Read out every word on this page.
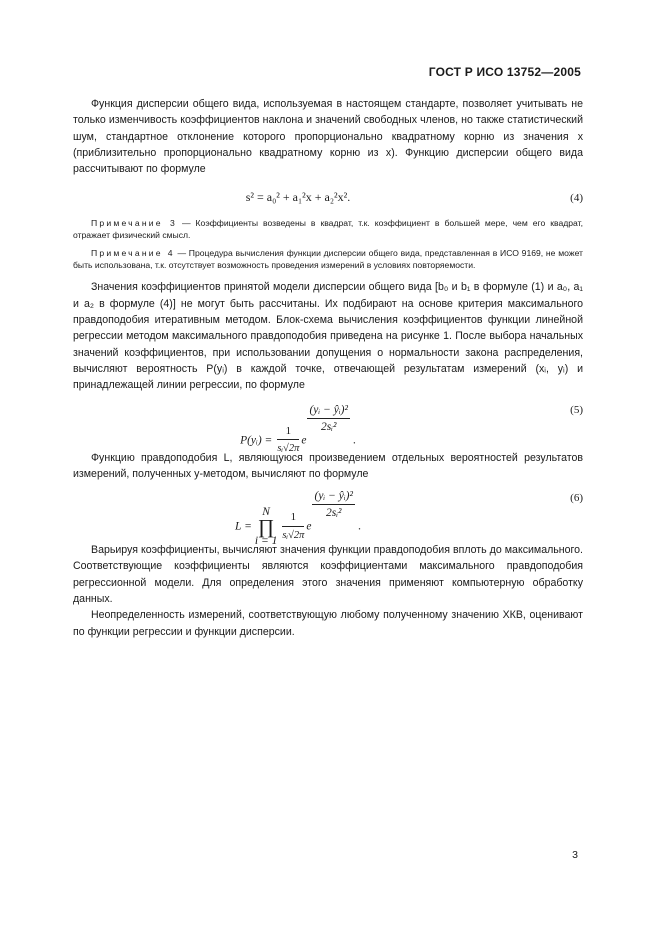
ГОСТ Р ИСО 13752—2005

Функция дисперсии общего вида, используемая в настоящем стандарте, позволяет учитывать не только изменчивость коэффициентов наклона и значений свободных членов, но также статистический шум, стандартное отклонение которого пропорционально квадратному корню из значения x (приблизительно пропорционально квадратному корню из x). Функцию дисперсии общего вида рассчитывают по формуле

s² = a₀² + a₁²x + a₂²x².	(4)

Примечание 3 — Коэффициенты возведены в квадрат, т.к. коэффициент в большей мере, чем его квадрат, отражает физический смысл.

Примечание 4 — Процедура вычисления функции дисперсии общего вида, представленная в ИСО 9169, не может быть использована, т.к. отсутствует возможность проведения измерений в условиях повторяемости.

Значения коэффициентов принятой модели дисперсии общего вида [b₀ и b₁ в формуле (1) и a₀, a₁ и a₂ в формуле (4)] не могут быть рассчитаны. Их подбирают на основе критерия максимального правдоподобия итеративным методом. Блок-схема вычисления коэффициентов функции линейной регрессии методом максимального правдоподобия приведена на рисунке 1. После выбора начальных значений коэффициентов, при использовании допущения о нормальности закона распределения, вычисляют вероятность P(yᵢ) в каждой точке, отвечающей результатам измерений (xᵢ, yᵢ) и принадлежащей линии регрессии, по формуле

P(yᵢ) = $\frac{1}{\text{sᵢ√2π}}$ e
$\frac{\text{(yᵢ − ŷᵢ)²}}{\text{2sᵢ²}}$ .
(5)

Функцию правдоподобия L, являющуюся произведением отдельных вероятностей результатов измерений, полученных y-методом, вычисляют по формуле

L = N
∏
$i = 1 \frac{1}{\text{sᵢ√2π}}$ e
$\frac{\text{(yᵢ − ŷᵢ)²}}{\text{2sᵢ²}}$ .
(6)

Варьируя коэффициенты, вычисляют значения функции правдоподобия вплоть до максимального. Соответствующие коэффициенты являются коэффициентами максимального правдоподобия регрессионной модели. Для определения этого значения применяют компьютерную обработку данных.

Неопределенность измерений, соответствующую любому полученному значению ХКВ, оценивают по функции регрессии и функции дисперсии.

3
